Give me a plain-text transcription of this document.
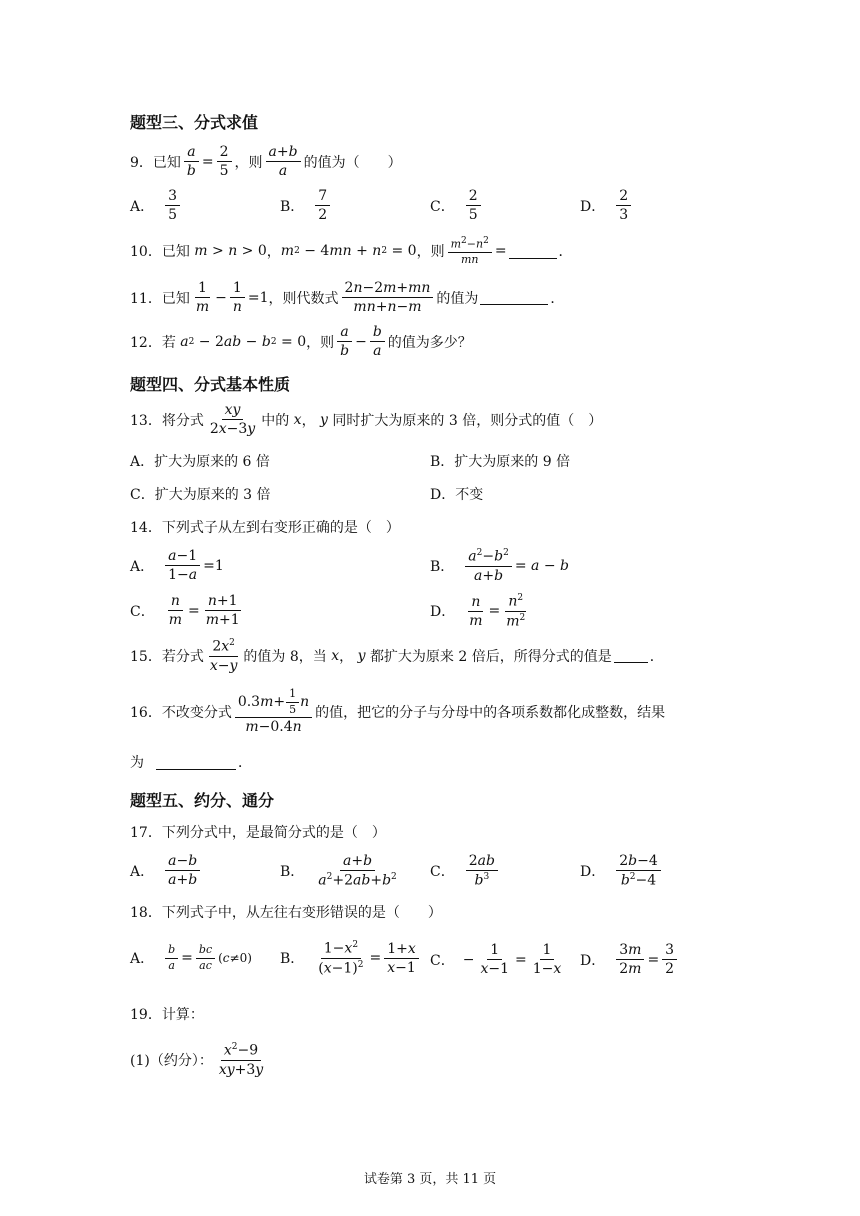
题型三、分式求值
9．已知 $\frac{a}{b} = \frac{2}{5}$ ，则 $\frac{a+b}{a}$ 的值为（　　）
A． $\frac{3}{5}$	B． $\frac{7}{2}$	C． $\frac{2}{5}$	D． $\frac{2}{3}$
10．已知 m > n > 0 ， m 2 − 4 mn + n 2 = 0 ，则 $\frac{m^2-n^2}{mn}$ =	．
11．已知 $\frac{1}{m} - \frac{1}{n} =1$ ，则代数式 $\frac{2n-2m+mn}{mn+n-m}$ 的值为	．
12．若 a 2 − 2 ab − b 2 = 0 ，则 $\frac{a}{b} - \frac{b}{a}$ 的值为多少？
题型四、分式基本性质
13．将分式 $\frac{xy}{2x-3y}$ 中的 x ， y
同时扩大为原来的 3 倍，则分式的值（　）
A．扩大为原来的 6 倍	B．扩大为原来的 9 倍
C．扩大为原来的 3 倍	D．不变
14．下列式子从左到右变形正确的是（　）
A． $\frac{a-1}{1-a} =1$	B． $\frac{a^2-b^2}{a+b} = a - b$
C． $\frac{n}{m} = \frac{n+1}{m+1}$	D． $\frac{n}{m} = \frac{n^2}{m^2}$
15．若分式 $\frac{2x^2}{x-y}$ 的值为 8，当 x ， y
都扩大为原来 2 倍后，所得分式的值是	．
16．不改变分式 $\frac{0.3m+ \frac{1}{5} n}{m-0.4n}$ 的值，把它的分子与分母中的各项系数都化成整数，结果
为	．
题型五、约分、通分
17．下列分式中，是最简分式的是（　）
A． $\frac{a-b}{a+b}$	B． $\frac{a+b}{a^2+2ab+b^2}$ C． $\frac{2ab}{b^3}$	D． $\frac{2b-4}{b^2-4}$
18．下列式子中，从左往右变形错误的是（　　）
A． $\frac{b}{a} = \frac{bc}{ac} (c\ne 0)$ B． $\frac{1-x^2}{(x-1)^2} = \frac{1+x}{x-1}$ C． − $\frac{1}{x-1} = \frac{1}{1-x}$ D． $\frac{3m}{2m} = \frac{3}{2}$
19．计算：
(1)（约分）： $\frac{x^2-9}{xy+3y}$
试卷第 3 页，共 11 页
